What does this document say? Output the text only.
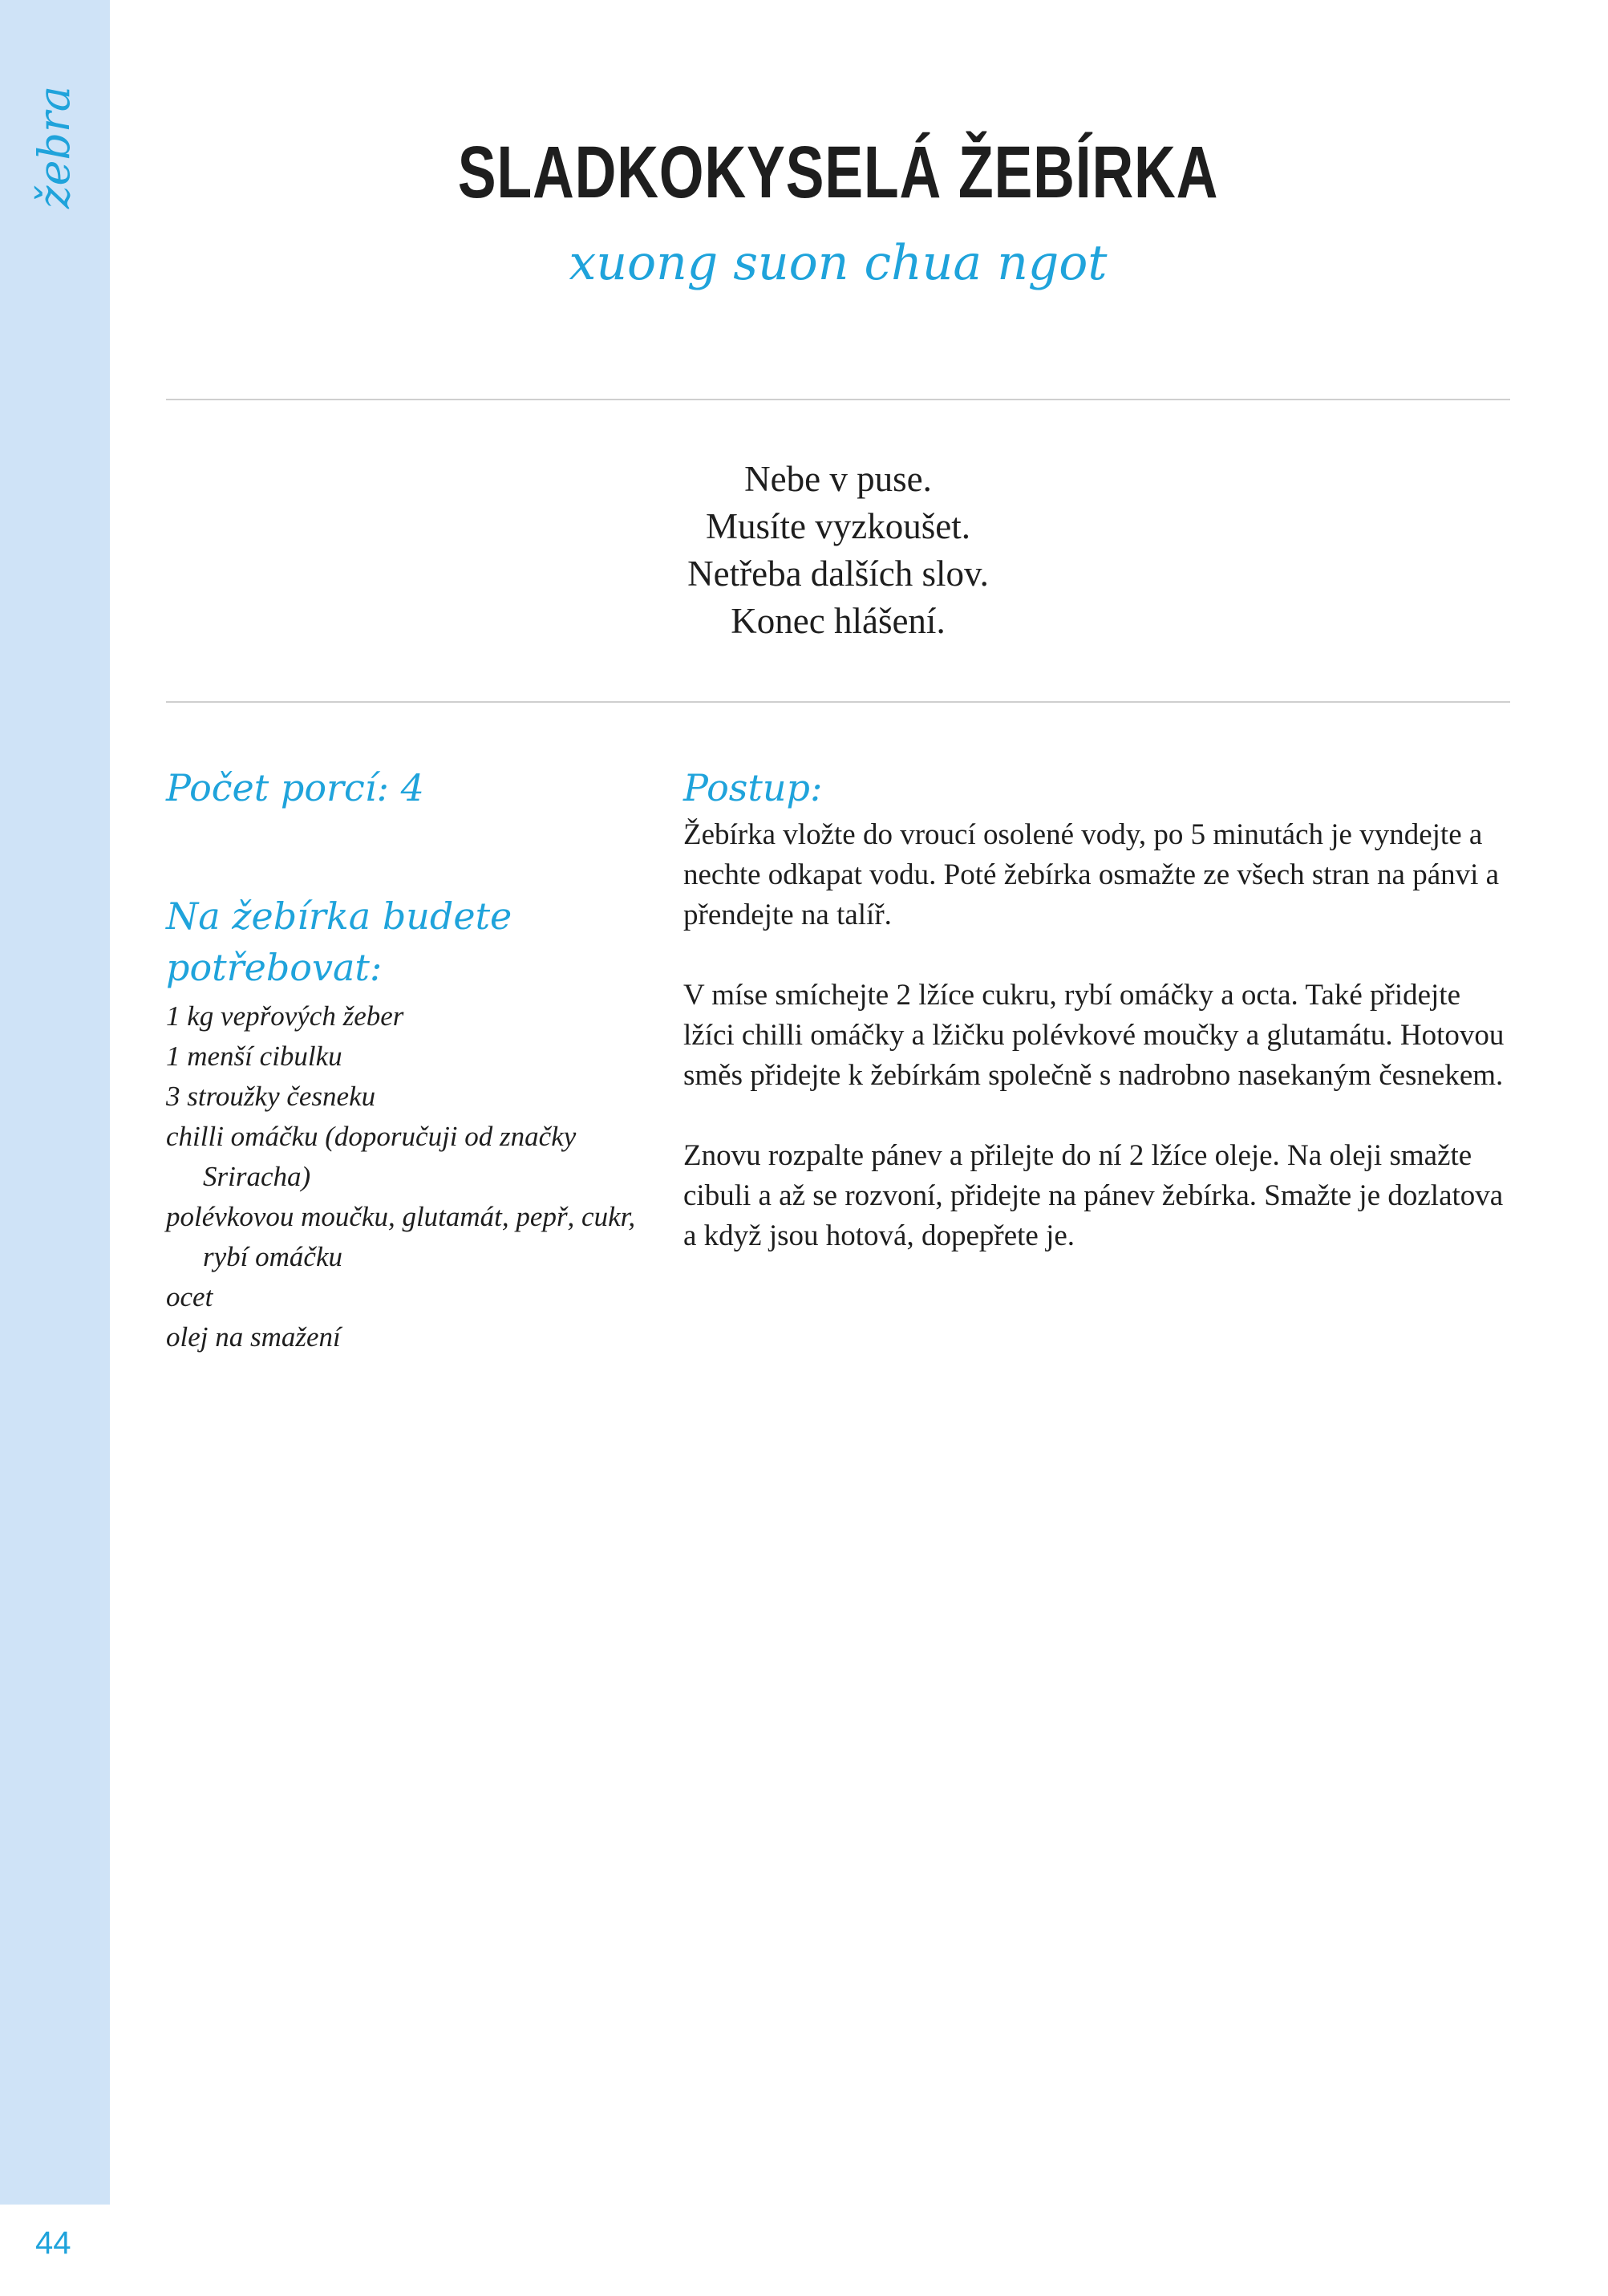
žebra
44
SLADKOKYSELÁ ŽEBÍRKA
xuong suon chua ngot
Nebe v puse.
Musíte vyzkoušet.
Netřeba dalších slov.
Konec hlášení.
Počet porcí: 4
Na žebírka budete potřebovat:
1 kg vepřových žeber
1 menší cibulku
3 stroužky česneku
chilli omáčku (doporučuji od značky Sriracha)
polévkovou moučku, glutamát, pepř, cukr, rybí omáčku
ocet
olej na smažení
Postup:

Žebírka vložte do vroucí osolené vody, po 5 minutách je vyndejte a nechte odkapat vodu. Poté žebírka osmažte ze všech stran na pánvi a přendejte na talíř.

V míse smíchejte 2 lžíce cukru, rybí omáčky a octa. Také přidejte lžíci chilli omáčky a lžičku polévkové moučky a glutamátu. Hotovou směs přidejte k žebírkám společně s nadrobno nasekaným česnekem.

Znovu rozpalte pánev a přilejte do ní 2 lžíce oleje. Na oleji smažte cibuli a až se rozvoní, přidejte na pánev žebírka. Smažte je dozlatova a když jsou hotová, dopepřete je.
